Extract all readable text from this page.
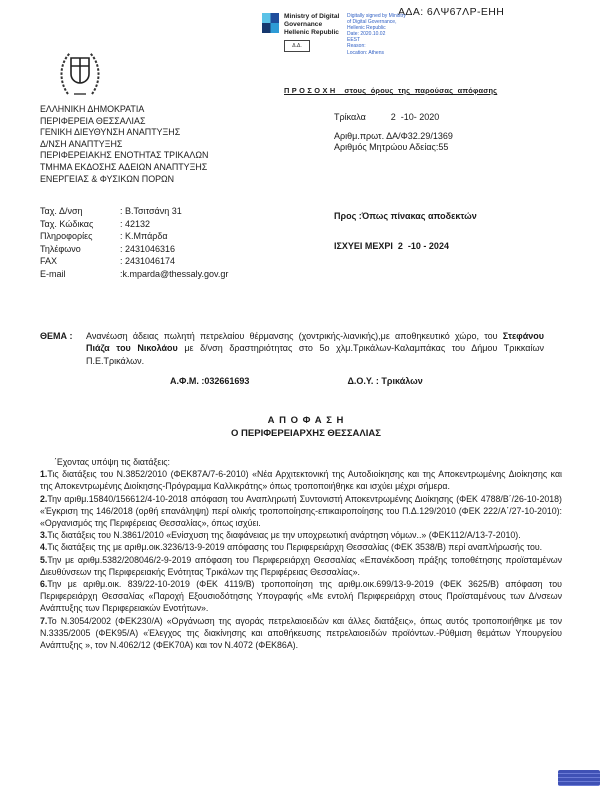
ΑΔΑ: 6ΛΨ67ΛΡ-ΕΗΗ
Ministry of Digital
Governance
Hellenic Republic
Digitally signed by Ministry
of Digital Governance,
Hellenic Republic
Date: 2020.10.02
EEST
Reason:
Location: Athens
Δ.Δ.
Π Ρ Ο Σ Ο Χ Η    στους  όρους  της  παρούσας  απόφασης
ΕΛΛΗΝΙΚΗ ΔΗΜΟΚΡΑΤΙΑ
ΠΕΡΙΦΕΡΕΙΑ ΘΕΣΣΑΛΙΑΣ
ΓΕΝΙΚΗ ΔΙΕΥΘΥΝΣΗ ΑΝΑΠΤΥΞΗΣ
Δ/ΝΣΗ ΑΝΑΠΤΥΞΗΣ
ΠΕΡΙΦΕΡΕΙΑΚΗΣ ΕΝΟΤΗΤΑΣ ΤΡΙΚΑΛΩΝ
ΤΜΗΜΑ ΕΚΔΟΣΗΣ ΑΔΕΙΩΝ ΑΝΑΠΤΥΞΗΣ
ΕΝΕΡΓΕΙΑΣ & ΦΥΣΙΚΩΝ ΠΟΡΩΝ
Τρίκαλα          2  -10- 2020
Αριθμ.πρωτ. ΔΑ/Φ32.29/1369
Αριθμός Μητρώου Αδείας:55
Ταχ. Δ/νση	: Β.Τσιτσάνη 31
Ταχ. Κώδικας	: 42132
Πληροφορίες	: Κ.Μπάρδα
Τηλέφωνο	: 2431046316
FAX	: 2431046174
E-mail	:k.mparda@thessaly.gov.gr
Προς :Όπως πίνακας αποδεκτών
ΙΣΧΥΕΙ ΜΕΧΡΙ  2  -10 - 2024
ΘΕΜΑ :	Ανανέωση άδειας πωλητή πετρελαίου θέρμανσης (χοντρικής-λιανικής),με αποθηκευτικό χώρο, του Στεφάνου Πιάζα του Νικολάου με δ/νση δραστηριότητας στο 5ο χλμ.Τρικάλων-Καλαμπάκας του Δήμου Τρικκαίων Π.Ε.Τρικάλων.
Α.Φ.Μ. :032661693	Δ.Ο.Υ. : Τρικάλων
Α Π Ο Φ Α Σ Η
Ο ΠΕΡΙΦΕΡΕΙΑΡΧΗΣ ΘΕΣΣΑΛΙΑΣ

΄Εχοντας υπόψη τις διατάξεις:

1.Τις διατάξεις του Ν.3852/2010 (ΦΕΚ87Α/7-6-2010) «Νέα Αρχιτεκτονική της Αυτοδιοίκησης και της Αποκεντρωμένης Διοίκησης και της Αποκεντρωμένης Διοίκησης-Πρόγραμμα Καλλικράτης» όπως τροποποιήθηκε και ισχύει μέχρι σήμερα.

2.Την αριθμ.15840/156612/4-10-2018 απόφαση του Αναπληρωτή Συντονιστή Αποκεντρωμένης Διοίκησης (ΦΕΚ 4788/Β΄/26-10-2018) «Έγκριση της 146/2018 (ορθή επανάληψη) περί ολικής τροποποίησης-επικαιροποίησης του Π.Δ.129/2010 (ΦΕΚ 222/Α΄/27-10-2010): «Οργανισμός της Περιφέρειας Θεσσαλίας», όπως ισχύει.

3.Τις διατάξεις του Ν.3861/2010 «Ενίσχυση της διαφάνειας με την υποχρεωτική ανάρτηση νόμων..» (ΦΕΚ112/Α/13-7-2010).

4.Τις διατάξεις της με αριθμ.οικ.3236/13-9-2019 απόφασης του Περιφερειάρχη Θεσσαλίας (ΦΕΚ 3538/Β) περί αναπλήρωσής του.

5.Την με αριθμ.5382/208046/2-9-2019 απόφαση του Περιφερειάρχη Θεσσαλίας «Επανέκδοση πράξης τοποθέτησης προϊσταμένων Διευθύνσεων της Περιφερειακής Ενότητας Τρικάλων της Περιφέρειας Θεσσαλίας».

6.Την με αριθμ.οικ. 839/22-10-2019 (ΦΕΚ 4119/Β) τροποποίηση της αριθμ.οικ.699/13-9-2019 (ΦΕΚ 3625/Β) απόφαση του Περιφερειάρχη Θεσσαλίας «Παροχή Εξουσιοδότησης Υπογραφής «Με εντολή Περιφερειάρχη στους Προϊσταμένους των Δ/νσεων Ανάπτυξης των Περιφερειακών Ενοτήτων».

7.Το Ν.3054/2002 (ΦΕΚ230/Α) «Οργάνωση της αγοράς πετρελαιοειδών και άλλες διατάξεις», όπως αυτός τροποποιήθηκε με τον Ν.3335/2005 (ΦΕΚ95/Α) «Έλεγχος της διακίνησης και αποθήκευσης πετρελαιοειδών προϊόντων.-Ρύθμιση θεμάτων Υπουργείου Ανάπτυξης », τον Ν.4062/12 (ΦΕΚ70Α) και τον Ν.4072 (ΦΕΚ86Α).
